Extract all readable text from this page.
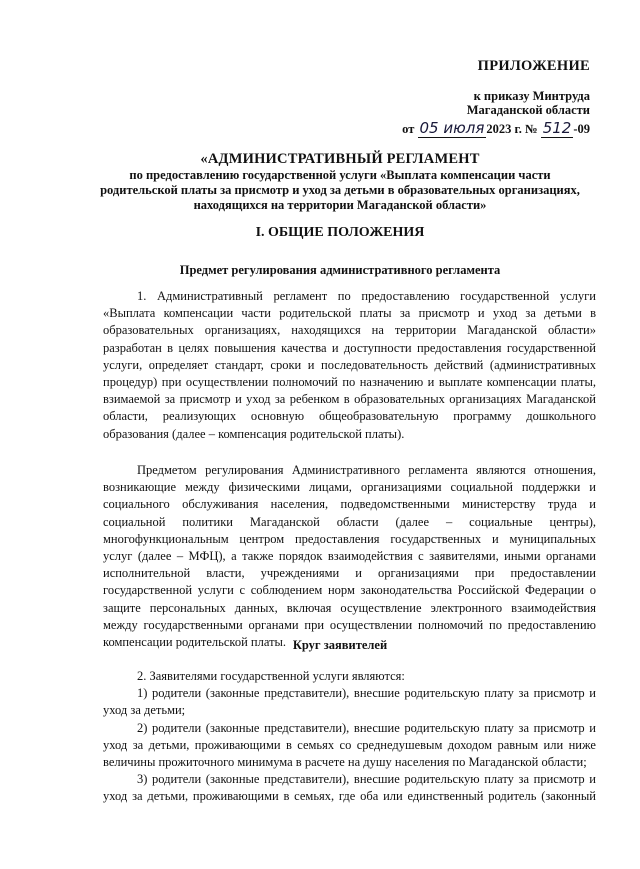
ПРИЛОЖЕНИЕ
к приказу Минтруда
Магаданской области
от 05 июля 2023 г. № 512 -09
«АДМИНИСТРАТИВНЫЙ РЕГЛАМЕНТ
по предоставлению государственной услуги «Выплата компенсации части
родительской платы за присмотр и уход за детьми в образовательных организациях,
находящихся на территории Магаданской области»
I. ОБЩИЕ ПОЛОЖЕНИЯ
Предмет регулирования административного регламента
1. Административный регламент по предоставлению государственной услуги
«Выплата компенсации части родительской платы за присмотр и уход за детьми в
образовательных организациях, находящихся на территории Магаданской области»
разработан в целях повышения качества и доступности предоставления государственной
услуги, определяет стандарт, сроки и последовательность действий (административных
процедур) при осуществлении полномочий по назначению и выплате компенсации платы,
взимаемой за присмотр и уход за ребенком в образовательных организациях Магаданской
области, реализующих основную общеобразовательную программу дошкольного
образования (далее – компенсация родительской платы).
Предметом регулирования Административного регламента являются отношения,
возникающие между физическими лицами, организациями социальной поддержки и
социального обслуживания населения, подведомственными министерству труда и
социальной политики Магаданской области (далее – социальные центры),
многофункциональным центром предоставления государственных и муниципальных
услуг (далее – МФЦ), а также порядок взаимодействия с заявителями, иными органами
исполнительной власти, учреждениями и организациями при предоставлении
государственной услуги с соблюдением норм законодательства Российской Федерации о
защите персональных данных, включая осуществление электронного взаимодействия
между государственными органами при осуществлении полномочий по предоставлению
компенсации родительской платы. Круг заявителей
2. Заявителями государственной услуги являются:
1) родители (законные представители), внесшие родительскую плату за присмотр и
уход за детьми;
2) родители (законные представители), внесшие родительскую плату за присмотр и
уход за детьми, проживающими в семьях со среднедушевым доходом равным или ниже
величины прожиточного минимума в расчете на душу населения по Магаданской области;
3) родители (законные представители), внесшие родительскую плату за присмотр и
уход за детьми, проживающими в семьях, где оба или единственный родитель (законный
